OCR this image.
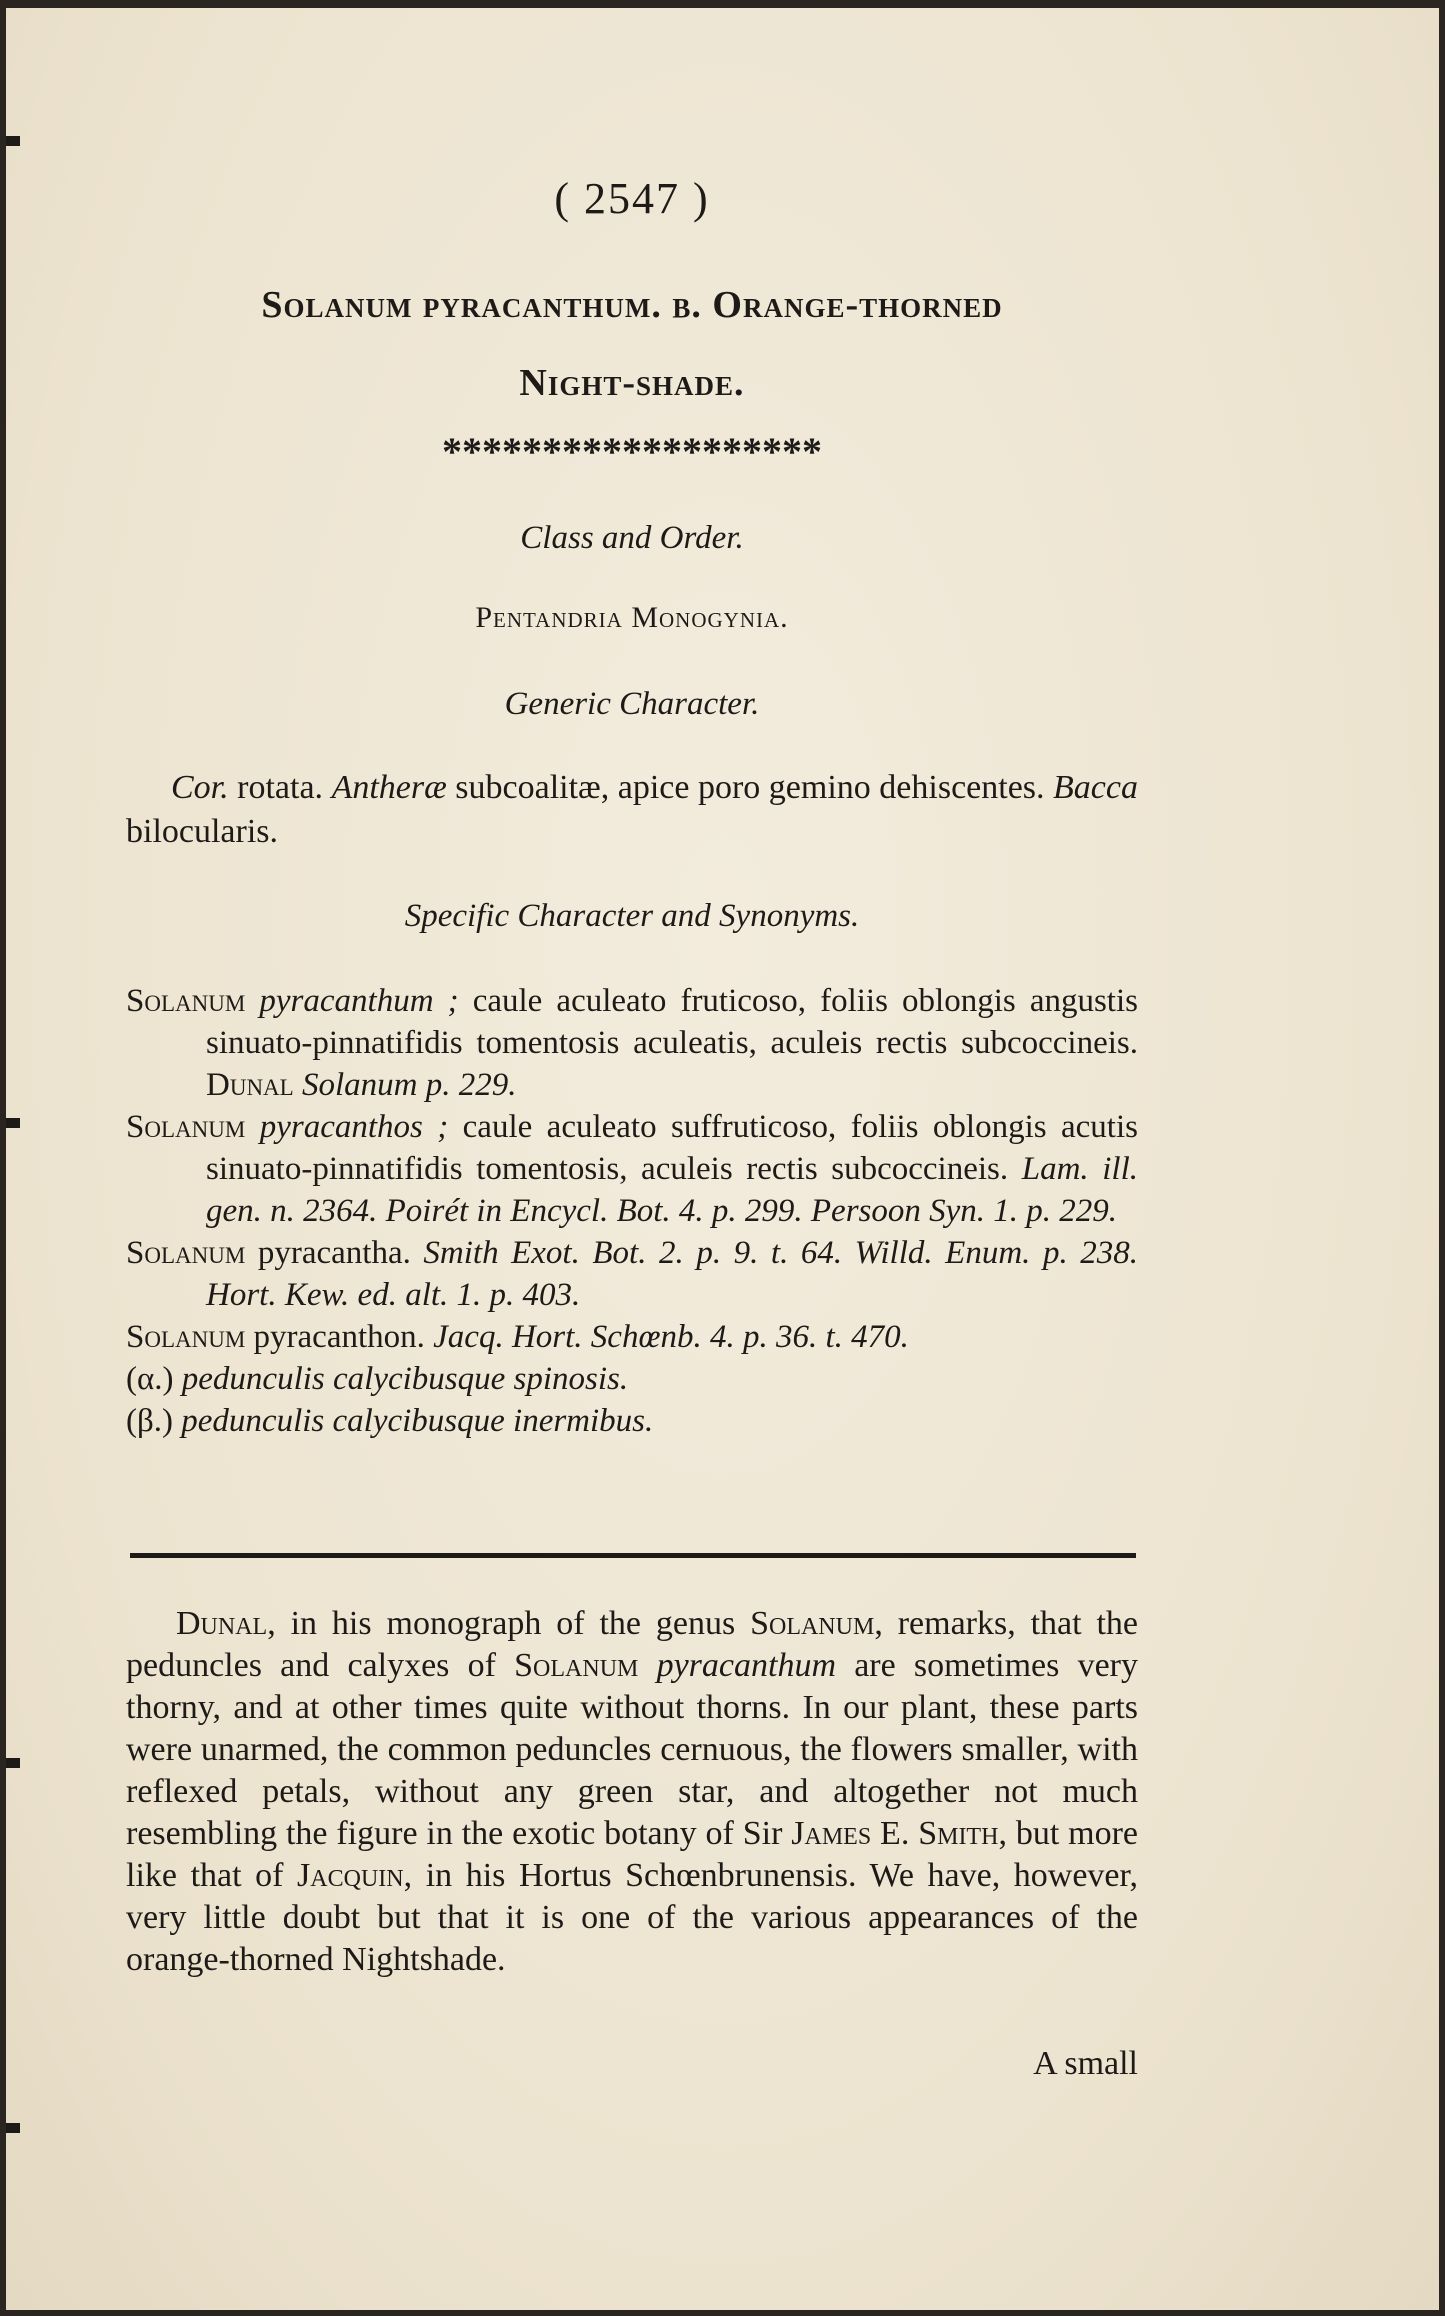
( 2547 )
Solanum pyracanthum. β. Orange-thorned
Night-shade.
*******************
Class and Order.
Pentandria Monogynia.
Generic Character.
Cor. rotata. Antheræ subcoalitæ, apice poro gemino dehiscentes. Bacca bilocularis.
Specific Character and Synonyms.

Solanum pyracanthum ; caule aculeato fruticoso, foliis oblongis angustis sinuato-pinnatifidis tomentosis aculeatis, aculeis rectis subcoccineis. Dunal Solanum p. 229.

Solanum pyracanthos ; caule aculeato suffruticoso, foliis oblongis acutis sinuato-pinnatifidis tomentosis, aculeis rectis subcoccineis. Lam. ill. gen. n. 2364. Poirét in Encycl. Bot. 4. p. 299. Persoon Syn. 1. p. 229.

Solanum pyracantha. Smith Exot. Bot. 2. p. 9. t. 64. Willd. Enum. p. 238. Hort. Kew. ed. alt. 1. p. 403.

Solanum pyracanthon. Jacq. Hort. Schœnb. 4. p. 36. t. 470.

(α.) pedunculis calycibusque spinosis.

(β.) pedunculis calycibusque inermibus.

Dunal, in his monograph of the genus Solanum, remarks, that the peduncles and calyxes of Solanum pyracanthum are sometimes very thorny, and at other times quite without thorns. In our plant, these parts were unarmed, the common peduncles cernuous, the flowers smaller, with reflexed petals, without any green star, and altogether not much resembling the figure in the exotic botany of Sir James E. Smith, but more like that of Jacquin, in his Hortus Schœnbrunensis. We have, however, very little doubt but that it is one of the various appearances of the orange-thorned Nightshade.

A small
